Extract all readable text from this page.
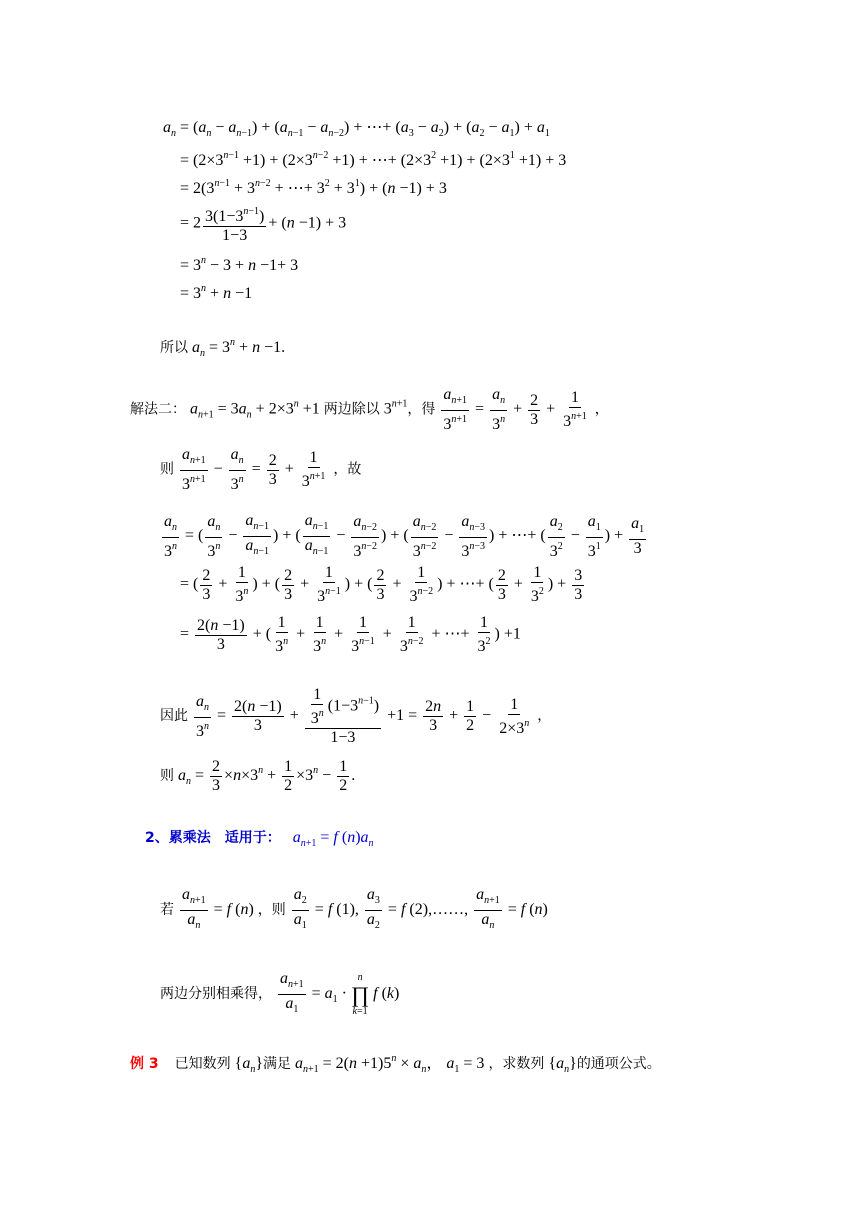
$a_n = (a_n - a_{n-1}) + (a_{n-1} - a_{n-2})$ + ⋯+ $(a_3 - a_2) + (a_2 - a_1) + a_1$
= $(2\times 3^{n-1} +1) + (2\times 3^{n-2} +1)$ + ⋯+ $(2\times 3^2 +1) + (2\times 3^1 +1) + 3$
= $2(3^{n-1} + 3^{n-2}$ + ⋯+ $3^2 + 3^1) + (n -1) + 3$
= $2 \frac{3(1-3^{n-1})}{1-3} + (n -1) + 3$
= $3^n - 3 + n -1+ 3$
= $3^n + n -1$
所以 $a_n = 3^n + n -1$.
解法二： $a_{n+1} = 3a_n + 2\times 3^n +1$ 两边除以 $3^{n+1}$，得 $\frac{a_{n+1}}{3^{n+1}} = \frac{a_n}{3^n} + \frac{2}{3} + \frac{1}{3^{n+1}}$ ，
则 $\frac{a_{n+1}}{3^{n+1}} - \frac{a_n}{3^n} = \frac{2}{3} + \frac{1}{3^{n+1}}$ ，故
$\frac{a_n}{3^n}$ = ( $\frac{a_n}{3^n} - \frac{a_{n-1}}{a_{n-1}}$ ) + ( $\frac{a_{n-1}}{a_{n-1}} - \frac{a_{n-2}}{3^{n-2}}$ ) + ( $\frac{a_{n-2}}{3^{n-2}} - \frac{a_{n-3}}{3^{n-3}}$ ) + ⋯+ ( $\frac{a_2}{3^2} - \frac{a_1}{3^1}$ ) + $\frac{a_1}{3}$
= ( $\frac{2}{3} + \frac{1}{3^n}$ ) + ( $\frac{2}{3} + \frac{1}{3^{n-1}}$ ) + ( $\frac{2}{3} + \frac{1}{3^{n-2}}$ ) + ⋯+ ( $\frac{2}{3} + \frac{1}{3^2}$ ) + $\frac{3}{3}$
= $\frac{2(n -1)}{3}$ + ( $\frac{1}{3^n} + \frac{1}{3^n} + \frac{1}{3^{n-1}} + \frac{1}{3^{n-2}}$ + ⋯+ $\frac{1}{3^2}$ ) +1
因此 $\frac{a_n}{3^n} = \frac{2(n -1)}{3} + \frac{\frac{1}{3^n} (1-3^{n-1})}{1-3} +1 = \frac{2n}{3} + \frac{1}{2} - \frac{1}{2\times 3^n}$ ，
则 $a_n = \frac{2}{3} \times n\times 3^n + \frac{1}{2} \times 3^n - \frac{1}{2}$ .
2、累乘法 适用于： $a_{n+1} = f$ $(n)a_n$
若 $\frac{a_{n+1}}{a_n} = f$ (n) ，则 $\frac{a_2}{a_1} = f$ (1), $\frac{a_3}{a_2} = f$ (2),……, $\frac{a_{n+1}}{a_n} = f$ (n)
两边分别相乘得， $\frac{a_{n+1}}{a_1} = a_1$ ·
n
∏
k=1
f (k)
例 3 已知数列 $\{a_n\}$满足 $a_{n+1} = 2(n +1)5^n \times a_n$， $a_1 = 3$ ，求数列 $\{a_n\}$的通项公式。
